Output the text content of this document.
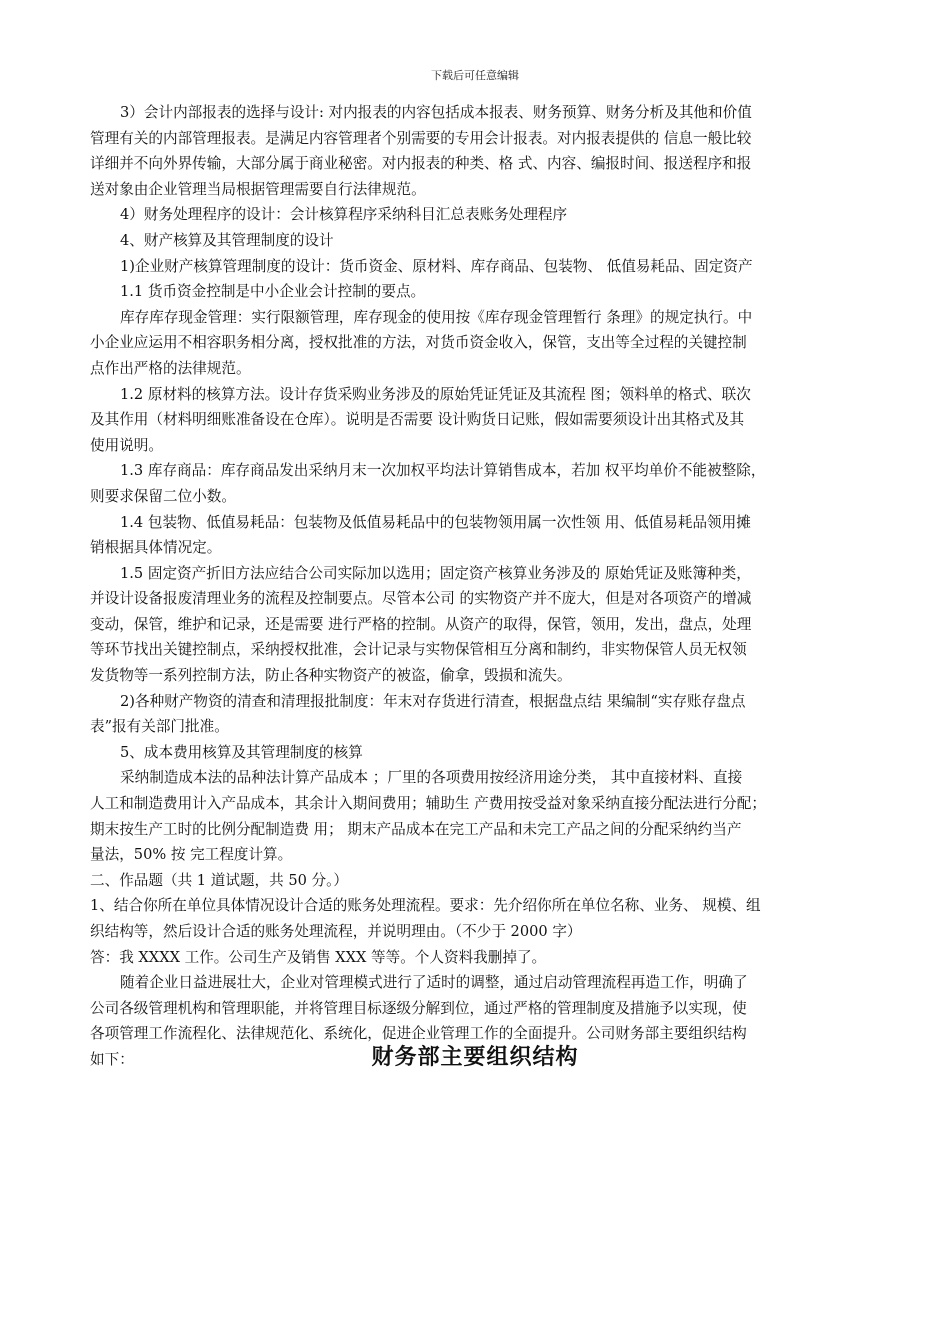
下载后可任意编辑
3）会计内部报表的选择与设计: 对内报表的内容包括成本报表、财务预算、财务分析及其他和价值
管理有关的内部管理报表。是满足内容管理者个别需要的专用会计报表。对内报表提供的 信息一般比较
详细并不向外界传输，大部分属于商业秘密。对内报表的种类、格 式、内容、编报时间、报送程序和报
送对象由企业管理当局根据管理需要自行法律规范。
4）财务处理程序的设计：会计核算程序采纳科目汇总表账务处理程序
4、财产核算及其管理制度的设计
1)企业财产核算管理制度的设计：货币资金、原材料、库存商品、包装物、 低值易耗品、固定资产
1.1 货币资金控制是中小企业会计控制的要点。
库存库存现金管理：实行限额管理，库存现金的使用按《库存现金管理暂行 条理》的规定执行。中
小企业应运用不相容职务相分离，授权批准的方法，对货币资金收入，保管，支出等全过程的关键控制
点作出严格的法律规范。
1.2 原材料的核算方法。设计存货采购业务涉及的原始凭证凭证及其流程 图；领料单的格式、联次
及其作用（材料明细账准备设在仓库）。说明是否需要 设计购货日记账，假如需要须设计出其格式及其
使用说明。
1.3 库存商品：库存商品发出采纳月末一次加权平均法计算销售成本，若加 权平均单价不能被整除，
则要求保留二位小数。
1.4 包装物、低值易耗品：包装物及低值易耗品中的包装物领用属一次性领 用、低值易耗品领用摊
销根据具体情况定。
1.5 固定资产折旧方法应结合公司实际加以选用；固定资产核算业务涉及的 原始凭证及账簿种类，
并设计设备报废清理业务的流程及控制要点。尽管本公司 的实物资产并不庞大，但是对各项资产的增减
变动，保管，维护和记录，还是需要 进行严格的控制。从资产的取得，保管，领用，发出，盘点，处理
等环节找出关键控制点，采纳授权批准，会计记录与实物保管相互分离和制约，非实物保管人员无权领
发货物等一系列控制方法，防止各种实物资产的被盗，偷拿，毁损和流失。
2)各种财产物资的清查和清理报批制度：年末对存货进行清查，根据盘点结 果编制“实存账存盘点
表”报有关部门批准。
5、成本费用核算及其管理制度的核算
采纳制造成本法的品种法计算产品成本 ；厂里的各项费用按经济用途分类， 其中直接材料、直接
人工和制造费用计入产品成本，其余计入期间费用；辅助生 产费用按受益对象采纳直接分配法进行分配；
期末按生产工时的比例分配制造费 用； 期末产品成本在完工产品和未完工产品之间的分配采纳约当产
量法，50% 按 完工程度计算。
二、作品题（共 1 道试题，共 50 分。）
1、结合你所在单位具体情况设计合适的账务处理流程。要求：先介绍你所在单位名称、业务、 规模、组
织结构等，然后设计合适的账务处理流程，并说明理由。（不少于 2000 字）
答：我 XXXX 工作。公司生产及销售 XXX 等等。个人资料我删掉了。
随着企业日益进展壮大，企业对管理模式进行了适时的调整，通过启动管理流程再造工作，明确了
公司各级管理机构和管理职能，并将管理目标逐级分解到位，通过严格的管理制度及措施予以实现，使
各项管理工作流程化、法律规范化、系统化，促进企业管理工作的全面提升。公司财务部主要组织结构
如下：	财务部主要组织结构
